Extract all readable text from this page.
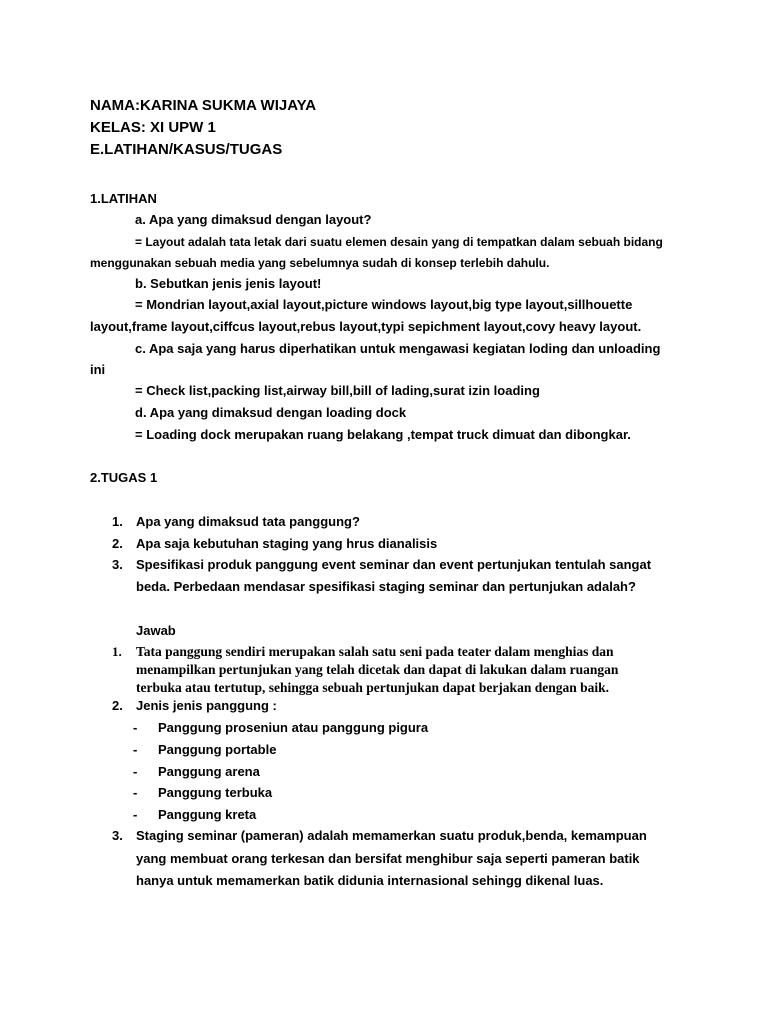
NAMA:KARINA SUKMA WIJAYA
KELAS: XI UPW 1
E.LATIHAN/KASUS/TUGAS
1.LATIHAN
a. Apa yang dimaksud dengan layout?
= Layout adalah tata letak dari suatu elemen desain yang di tempatkan dalam sebuah bidang
menggunakan sebuah media yang sebelumnya sudah di konsep terlebih dahulu.
b. Sebutkan jenis jenis layout!
= Mondrian layout,axial layout,picture windows layout,big type layout,sillhouette
layout,frame layout,ciffcus layout,rebus layout,typi sepichment layout,covy heavy layout.
c. Apa saja yang harus diperhatikan untuk mengawasi kegiatan loding dan unloading
ini
= Check list,packing list,airway bill,bill of lading,surat izin loading
d. Apa yang dimaksud dengan loading dock
= Loading dock merupakan ruang belakang ,tempat truck dimuat dan dibongkar.
2.TUGAS 1
1. Apa yang dimaksud tata panggung?
2. Apa saja kebutuhan staging yang hrus dianalisis
3. Spesifikasi produk panggung event seminar dan event pertunjukan tentulah sangat
beda. Perbedaan mendasar spesifikasi staging seminar dan pertunjukan adalah?
Jawab
1. Tata panggung sendiri merupakan salah satu seni pada teater dalam menghias dan
menampilkan pertunjukan yang telah dicetak dan dapat di lakukan dalam ruangan
terbuka atau tertutup, sehingga sebuah pertunjukan dapat berjakan dengan baik.
2. Jenis jenis panggung :
- Panggung proseniun atau panggung pigura
- Panggung portable
- Panggung arena
- Panggung terbuka
- Panggung kreta
3. Staging seminar (pameran) adalah memamerkan suatu produk,benda, kemampuan
yang membuat orang terkesan dan bersifat menghibur saja seperti pameran batik
hanya untuk memamerkan batik didunia internasional sehingg dikenal luas.
